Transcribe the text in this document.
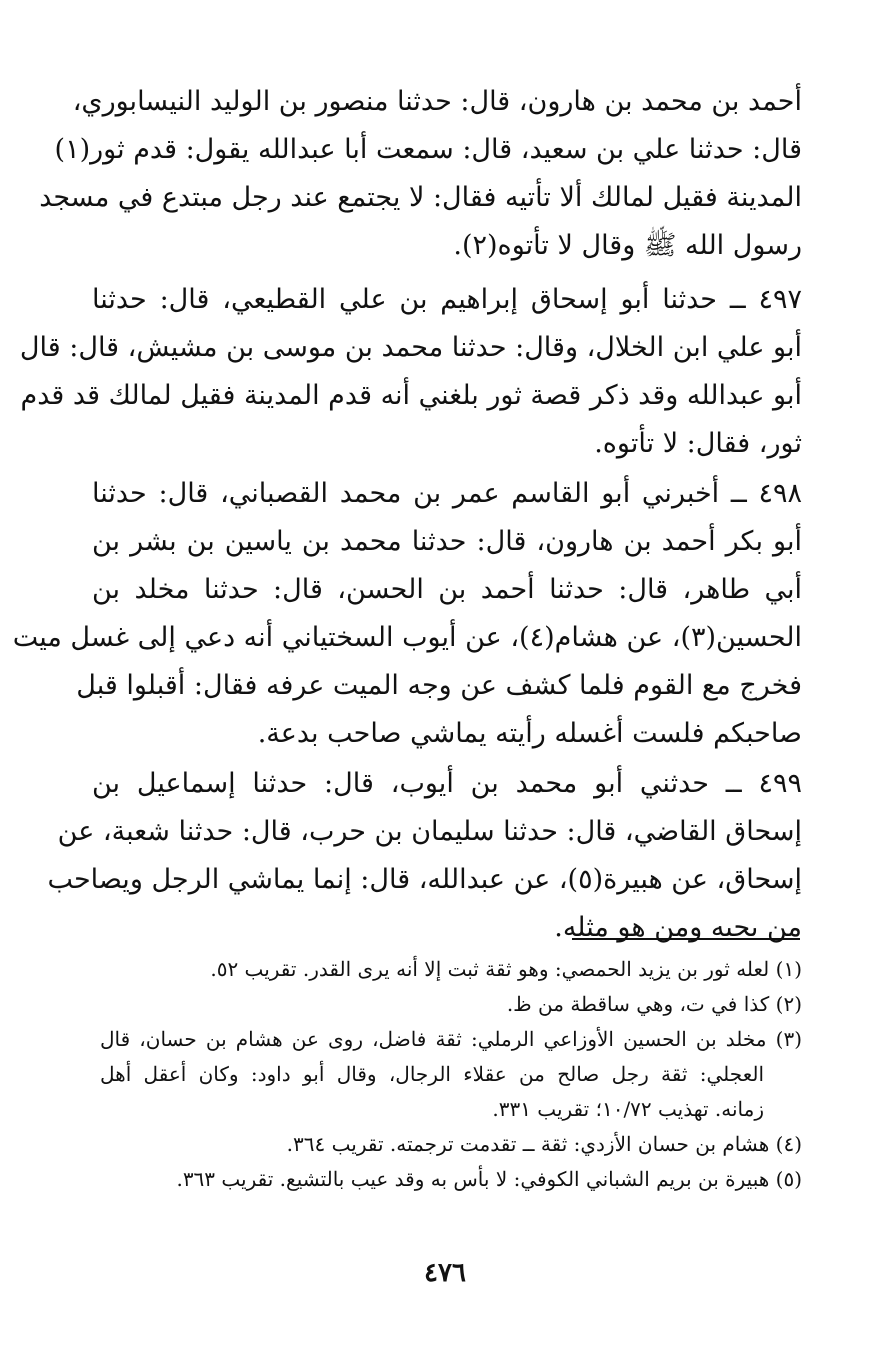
أحمد بن محمد بن هارون، قال: حدثنا منصور بن الوليد النيسابوري،
قال: حدثنا علي بن سعيد، قال: سمعت أبا عبدالله يقول: قدم ثور(١)
المدينة فقيل لمالك ألا تأتيه فقال: لا يجتمع عند رجل مبتدع في مسجد
رسول الله ﷺ وقال لا تأتوه(٢).
٤٩٧ ــ حدثنا أبو إسحاق إبراهيم بن علي القطيعي، قال: حدثنا
أبو علي ابن الخلال، وقال: حدثنا محمد بن موسى بن مشيش، قال: قال
أبو عبدالله وقد ذكر قصة ثور بلغني أنه قدم المدينة فقيل لمالك قد قدم
ثور، فقال: لا تأتوه.
٤٩٨ ــ أخبرني أبو القاسم عمر بن محمد القصباني، قال: حدثنا
أبو بكر أحمد بن هارون، قال: حدثنا محمد بن ياسين بن بشر بن
أبي طاهر، قال: حدثنا أحمد بن الحسن، قال: حدثنا مخلد بن
الحسين(٣)، عن هشام(٤)، عن أيوب السختياني أنه دعي إلى غسل ميت
فخرج مع القوم فلما كشف عن وجه الميت عرفه فقال: أقبلوا قبل
صاحبكم فلست أغسله رأيته يماشي صاحب بدعة.
٤٩٩ ــ حدثني أبو محمد بن أيوب، قال: حدثنا إسماعيل بن
إسحاق القاضي، قال: حدثنا سليمان بن حرب، قال: حدثنا شعبة، عن
إسحاق، عن هبيرة(٥)، عن عبدالله، قال: إنما يماشي الرجل ويصاحب
من يحبه ومن هو مثله.
(١) لعله ثور بن يزيد الحمصي: وهو ثقة ثبت إلا أنه يرى القدر. تقريب ٥٢.
(٢) كذا في ت، وهي ساقطة من ظ.
(٣) مخلد بن الحسين الأوزاعي الرملي: ثقة فاضل، روى عن هشام بن حسان، قال
العجلي: ثقة رجل صالح من عقلاء الرجال، وقال أبو داود: وكان أعقل أهل
زمانه. تهذيب ١٠/٧٢؛ تقريب ٣٣١.
(٤) هشام بن حسان الأزدي: ثقة ــ تقدمت ترجمته. تقريب ٣٦٤.
(٥) هبيرة بن بريم الشباني الكوفي: لا بأس به وقد عيب بالتشيع. تقريب ٣٦٣.
٤٧٦
